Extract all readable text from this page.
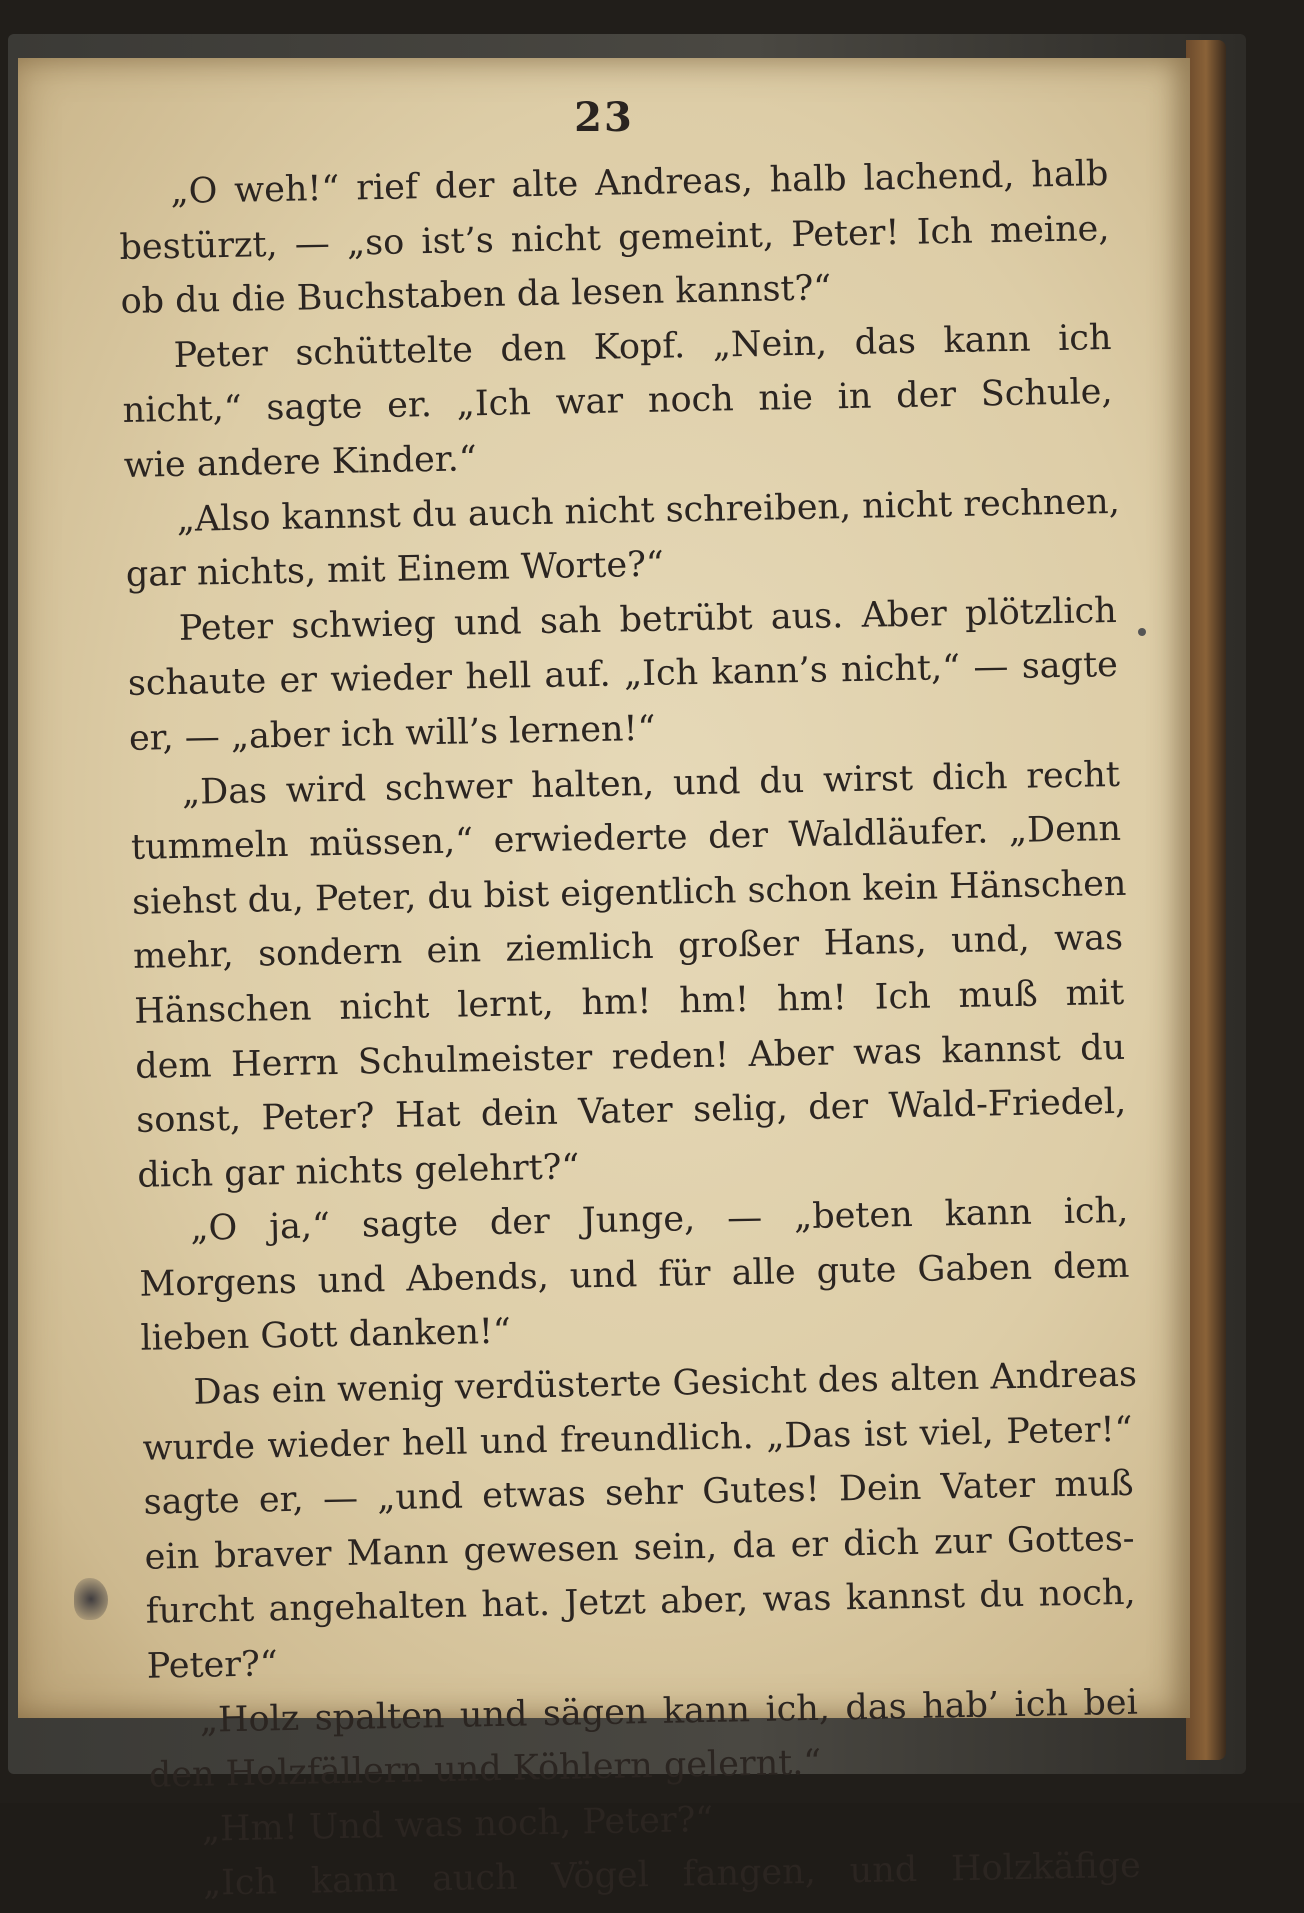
23
„O weh!“ rief der alte Andreas, halb lachend, halb
bestürzt, — „so ist’s nicht gemeint, Peter! Ich meine,
ob du die Buchstaben da lesen kannst?“
Peter schüttelte den Kopf. „Nein, das kann ich
nicht,“ sagte er. „Ich war noch nie in der Schule,
wie andere Kinder.“
„Also kannst du auch nicht schreiben, nicht rechnen,
gar nichts, mit Einem Worte?“
Peter schwieg und sah betrübt aus. Aber plötzlich
schaute er wieder hell auf. „Ich kann’s nicht,“ — sagte
er, — „aber ich will’s lernen!“
„Das wird schwer halten, und du wirst dich recht
tummeln müssen,“ erwiederte der Waldläufer. „Denn
siehst du, Peter, du bist eigentlich schon kein Hänschen
mehr, sondern ein ziemlich großer Hans, und, was
Hänschen nicht lernt, hm! hm! hm! Ich muß mit
dem Herrn Schulmeister reden! Aber was kannst du
sonst, Peter? Hat dein Vater selig, der Wald-Friedel,
dich gar nichts gelehrt?“
„O ja,“ sagte der Junge, — „beten kann ich,
Morgens und Abends, und für alle gute Gaben dem
lieben Gott danken!“
Das ein wenig verdüsterte Gesicht des alten Andreas
wurde wieder hell und freundlich. „Das ist viel, Peter!“
sagte er, — „und etwas sehr Gutes! Dein Vater muß
ein braver Mann gewesen sein, da er dich zur Gottes-
furcht angehalten hat. Jetzt aber, was kannst du noch,
Peter?“
„Holz spalten und sägen kann ich, das hab’ ich bei
den Holzfällern und Köhlern gelernt.“
„Hm! Und was noch, Peter?“
„Ich kann auch Vögel fangen, und Holzkäfige
